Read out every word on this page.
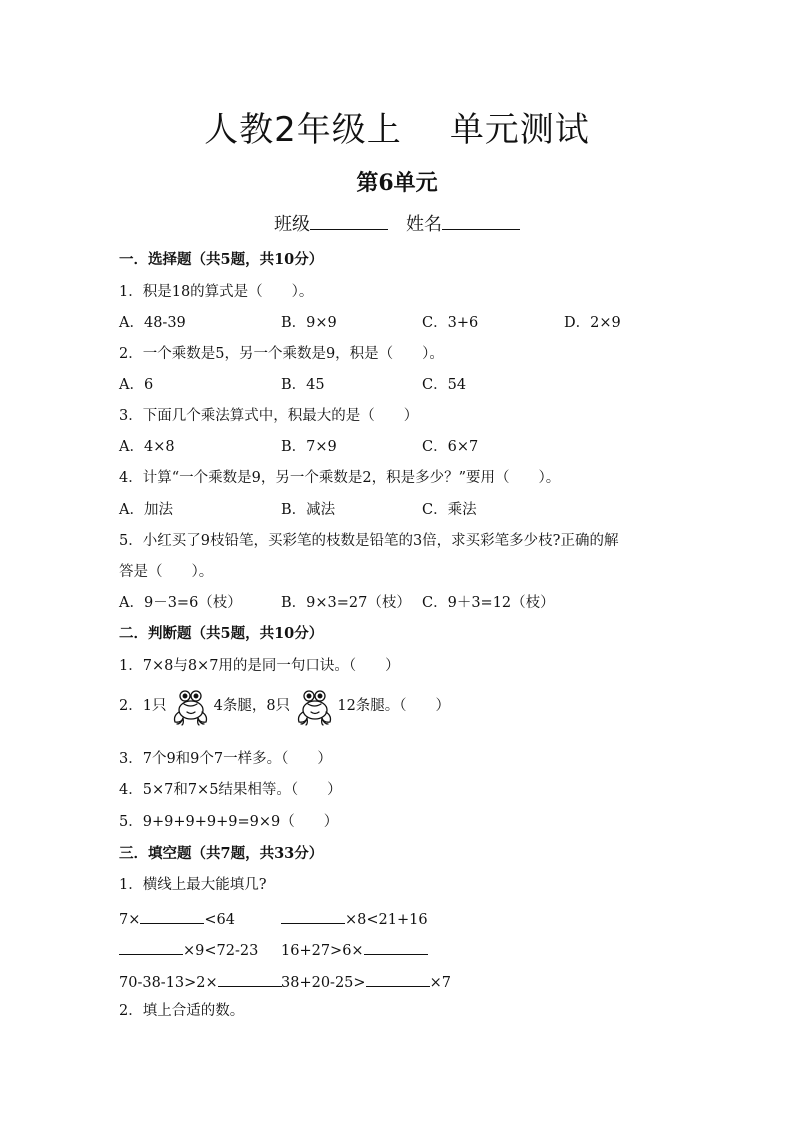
人教2年级上 单元测试
第6单元
班级	姓名
一．选择题（共5题，共10分）
1．积是18的算式是（　　）。
A．48-39	B．9×9	C．3+6	D．2×9
2．一个乘数是5，另一个乘数是9，积是（　　）。
A．6	B．45	C．54
3．下面几个乘法算式中，积最大的是（　　）
A．4×8	B．7×9	C．6×7
4．计算“一个乘数是9，另一个乘数是2，积是多少？”要用（　　）。
A．加法	B．减法	C．乘法
5．小红买了9枝铅笔，买彩笔的枝数是铅笔的3倍，求买彩笔多少枝?正确的解
答是（　　）。
A．9－3=6（枝）	B．9×3=27（枝） C．9＋3=12（枝）
二．判断题（共5题，共10分）
1．7×8与8×7用的是同一句口诀。（　　）
2．1只	4条腿，8只	12条腿。（　　）
3．7个9和9个7一样多。（　　）
4．5×7和7×5结果相等。（　　）
5．9+9+9+9+9=9×9（　　）
三．填空题（共7题，共33分）
1．横线上最大能填几?
7×	<64	×8<21+16
×9<72-23 16+27>6×
70-38-13>2×	38+20-25>	×7
2．填上合适的数。
